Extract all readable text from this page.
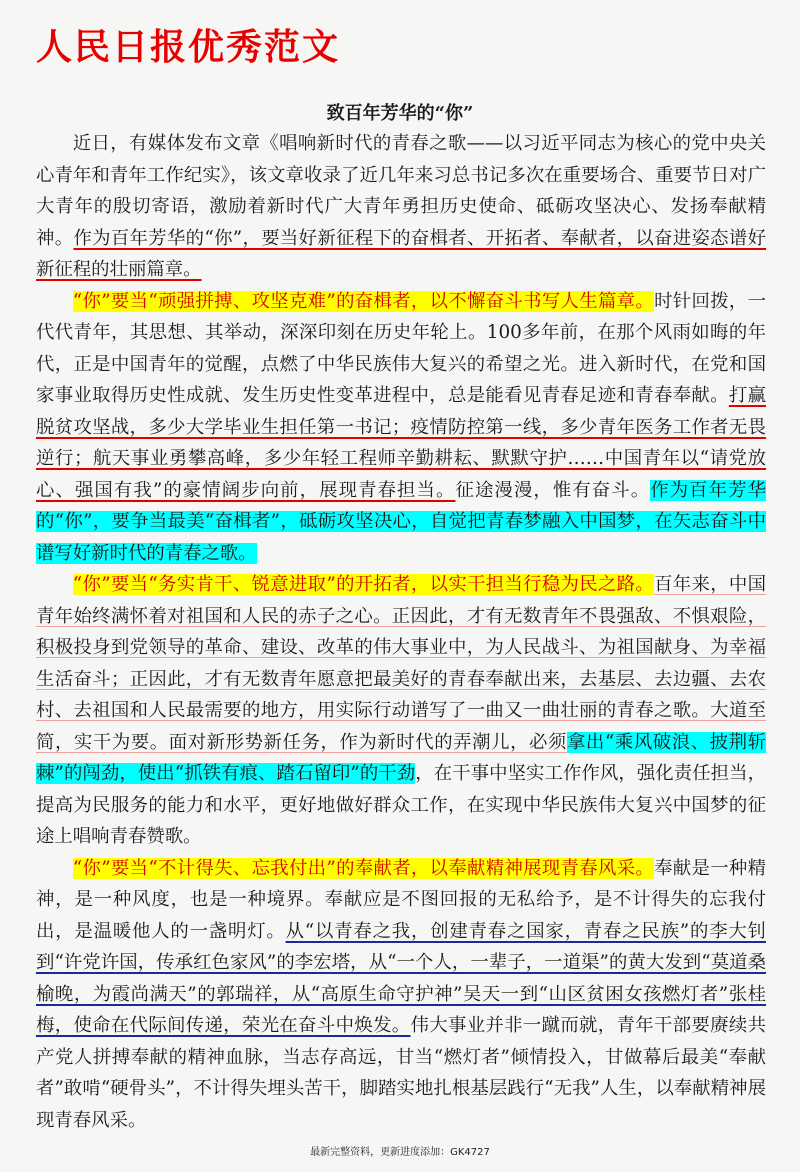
人民日报优秀范文
致百年芳华的“你”

近日，有媒体发布文章《唱响新时代的青春之歌——以习近平同志为核心的党中央关心青年和青年工作纪实》，该文章收录了近几年来习总书记多次在重要场合、重要节日对广大青年的殷切寄语，激励着新时代广大青年勇担历史使命、砥砺攻坚决心、发扬奉献精神。作为百年芳华的“你”，要当好新征程下的奋楫者、开拓者、奉献者，以奋进姿态谱好新征程的壮丽篇章。

“你”要当“顽强拼搏、攻坚克难”的奋楫者，以不懈奋斗书写人生篇章。时针回拨，一代代青年，其思想、其举动，深深印刻在历史年轮上。100多年前，在那个风雨如晦的年代，正是中国青年的觉醒，点燃了中华民族伟大复兴的希望之光。进入新时代，在党和国家事业取得历史性成就、发生历史性变革进程中，总是能看见青春足迹和青春奉献。打赢脱贫攻坚战，多少大学毕业生担任第一书记；疫情防控第一线，多少青年医务工作者无畏逆行；航天事业勇攀高峰，多少年轻工程师辛勤耕耘、默默守护……中国青年以“请党放心、强国有我”的豪情阔步向前，展现青春担当。征途漫漫，惟有奋斗。作为百年芳华的“你”，要争当最美“奋楫者”，砥砺攻坚决心，自觉把青春梦融入中国梦，在矢志奋斗中谱写好新时代的青春之歌。

“你”要当“务实肯干、锐意进取”的开拓者，以实干担当行稳为民之路。百年来，中国青年始终满怀着对祖国和人民的赤子之心。正因此，才有无数青年不畏强敌、不惧艰险，积极投身到党领导的革命、建设、改革的伟大事业中，为人民战斗、为祖国献身、为幸福生活奋斗；正因此，才有无数青年愿意把最美好的青春奉献出来，去基层、去边疆、去农村、去祖国和人民最需要的地方，用实际行动谱写了一曲又一曲壮丽的青春之歌。大道至简，实干为要。面对新形势新任务，作为新时代的弄潮儿，必须拿出“乘风破浪、披荆斩棘”的闯劲，使出“抓铁有痕、踏石留印”的干劲，在干事中坚实工作作风，强化责任担当，提高为民服务的能力和水平，更好地做好群众工作，在实现中华民族伟大复兴中国梦的征途上唱响青春赞歌。

“你”要当“不计得失、忘我付出”的奉献者，以奉献精神展现青春风采。奉献是一种精神，是一种风度，也是一种境界。奉献应是不图回报的无私给予，是不计得失的忘我付出，是温暖他人的一盏明灯。从“以青春之我，创建青春之国家，青春之民族”的李大钊到“许党许国，传承红色家风”的李宏塔，从“一个人，一辈子，一道渠”的黄大发到“莫道桑榆晚，为霞尚满天”的郭瑞祥，从“高原生命守护神”吴天一到“山区贫困女孩燃灯者”张桂梅，使命在代际间传递，荣光在奋斗中焕发。伟大事业并非一蹴而就，青年干部要赓续共产党人拼搏奉献的精神血脉，当志存高远，甘当“燃灯者”倾情投入，甘做幕后最美“奉献者”敢啃“硬骨头”，不计得失埋头苦干，脚踏实地扎根基层践行“无我”人生，以奉献精神展现青春风采。

最新完整资料，更新进度添加：GK4727
